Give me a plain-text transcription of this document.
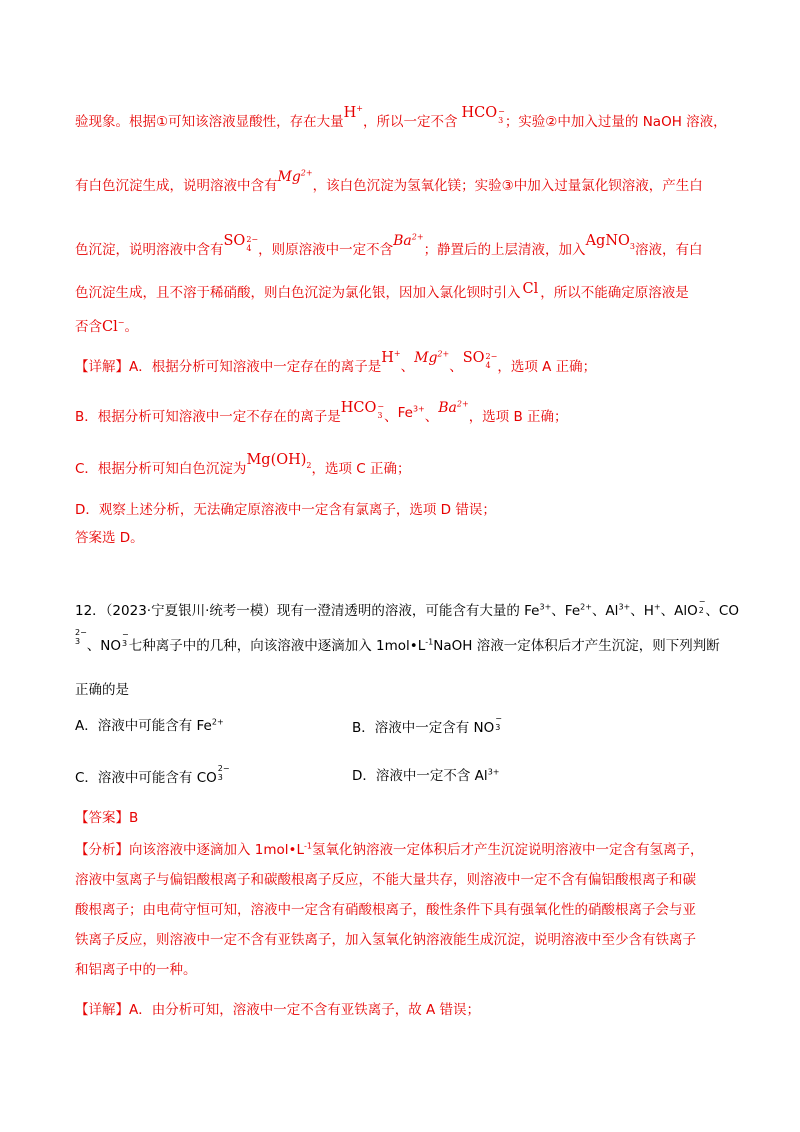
验现象。根据①可知该溶液显酸性，存在大量H+，所以一定不含HCO −
3 ；实验②中加入过量的 NaOH 溶液，
有白色沉淀生成，说明溶液中含有$Mg^{2+}$，该白色沉淀为氢氧化镁；实验③中加入过量氯化钡溶液，产生白
色沉淀，说明溶液中含有SO 2−
4 ，则原溶液中一定不含$Ba^{2+}$；静置后的上层清液，加入AgNO$_3$溶液，有白
色沉淀生成，且不溶于稀硝酸，则白色沉淀为氯化银，因加入氯化钡时引入 Cl ，所以不能确定原溶液是
否含Cl−。
【详解】A．根据分析可知溶液中一定存在的离子是H+、$Mg^{2+}$、SO 2−
4 ，选项 A 正确；
B．根据分析可知溶液中一定不存在的离子是HCO −
3 、$Fe^{3+}$、$Ba^{2+}$，选项 B 正确；
C．根据分析可知白色沉淀为$Mg(OH)_2$，选项 C 正确；
D．观察上述分析，无法确定原溶液中一定含有氯离子，选项 D 错误；
答案选 D。
12．（2023·宁夏银川·统考一模）现有一澄清透明的溶液，可能含有大量的 $Fe^{3+}$、$Fe^{2+}$、$Al^{3+}$、H+、AlO
−
2 、CO
2−
3 、NO
−
3 七种离子中的几种，向该溶液中逐滴加入 $1mol•L^{-1}NaOH$ 溶液一定体积后才产生沉淀，则下列判断
正确的是
A．溶液中可能含有 $Fe^{2+}$	B．溶液中一定含有 NO
−
3
C．溶液中可能含有 CO
2−
3	D．溶液中一定不含 $Al^{3+}$
【答案】B
【分析】向该溶液中逐滴加入 $1mol•L^{-1}$氢氧化钠溶液一定体积后才产生沉淀说明溶液中一定含有氢离子，
溶液中氢离子与偏铝酸根离子和碳酸根离子反应，不能大量共存，则溶液中一定不含有偏铝酸根离子和碳
酸根离子；由电荷守恒可知，溶液中一定含有硝酸根离子，酸性条件下具有强氧化性的硝酸根离子会与亚
铁离子反应，则溶液中一定不含有亚铁离子，加入氢氧化钠溶液能生成沉淀，说明溶液中至少含有铁离子
和铝离子中的一种。
【详解】A．由分析可知，溶液中一定不含有亚铁离子，故 A 错误；
